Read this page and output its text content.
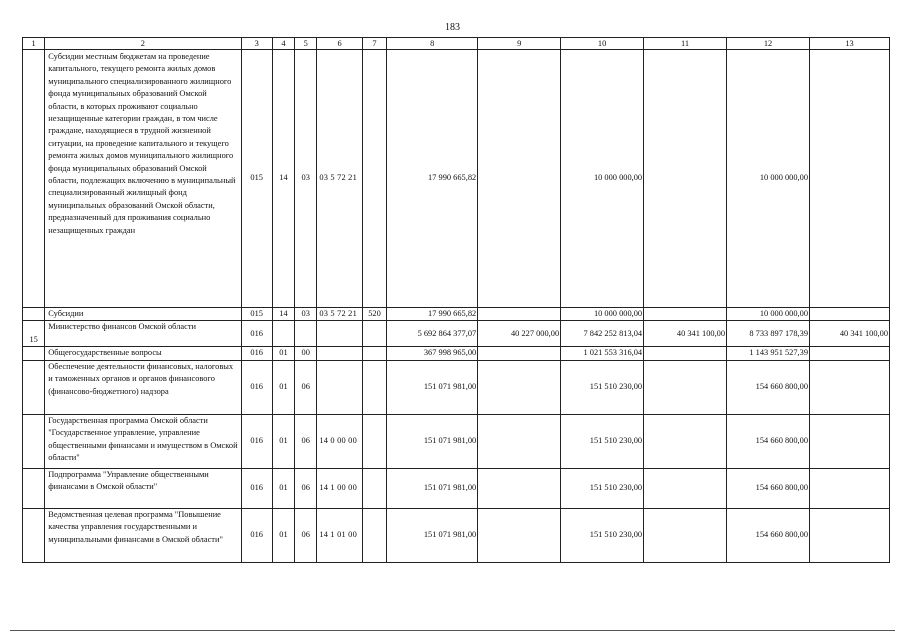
183
1	2	3	4	5	6	7	8	9	10	11	12	13
	Субсидии местным бюджетам на проведение капитального, текущего ремонта жилых домов муниципального специализированного жилищного фонда муниципальных образований Омской области, в которых проживают социально незащищенные категории граждан, в том числе граждане, находящиеся в трудной жизненной ситуации, на проведение капитального и текущего ремонта жилых домов муниципального жилищного фонда муниципальных образований Омской области, подлежащих включению в муниципальный специализированный жилищный фонд муниципальных образований Омской области, предназначенный для проживания социально незащищенных граждан	015	14	03	03 5 72 21		17 990 665,82		10 000 000,00		10 000 000,00	
	Субсидии	015	14	03	03 5 72 21	520	17 990 665,82		10 000 000,00		10 000 000,00	
15	Министерство финансов Омской области	016					5 692 864 377,07	40 227 000,00	7 842 252 813,04	40 341 100,00	8 733 897 178,39	40 341 100,00
	Общегосударственные вопросы	016	01	00			367 998 965,00		1 021 553 316,04		1 143 951 527,39	
	Обеспечение деятельности финансовых, налоговых и таможенных органов и органов финансового (финансово-бюджетного) надзора	016	01	06			151 071 981,00		151 510 230,00		154 660 800,00	
	Государственная программа Омской области "Государственное управление, управление общественными финансами и имуществом в Омской области"	016	01	06	14 0 00 00		151 071 981,00		151 510 230,00		154 660 800,00	
	Подпрограмма "Управление общественными финансами в Омской области"	016	01	06	14 1 00 00		151 071 981,00		151 510 230,00		154 660 800,00	
	Ведомственная целевая программа "Повышение качества управления государственными и муниципальными финансами в Омской области"	016	01	06	14 1 01 00		151 071 981,00		151 510 230,00		154 660 800,00	
